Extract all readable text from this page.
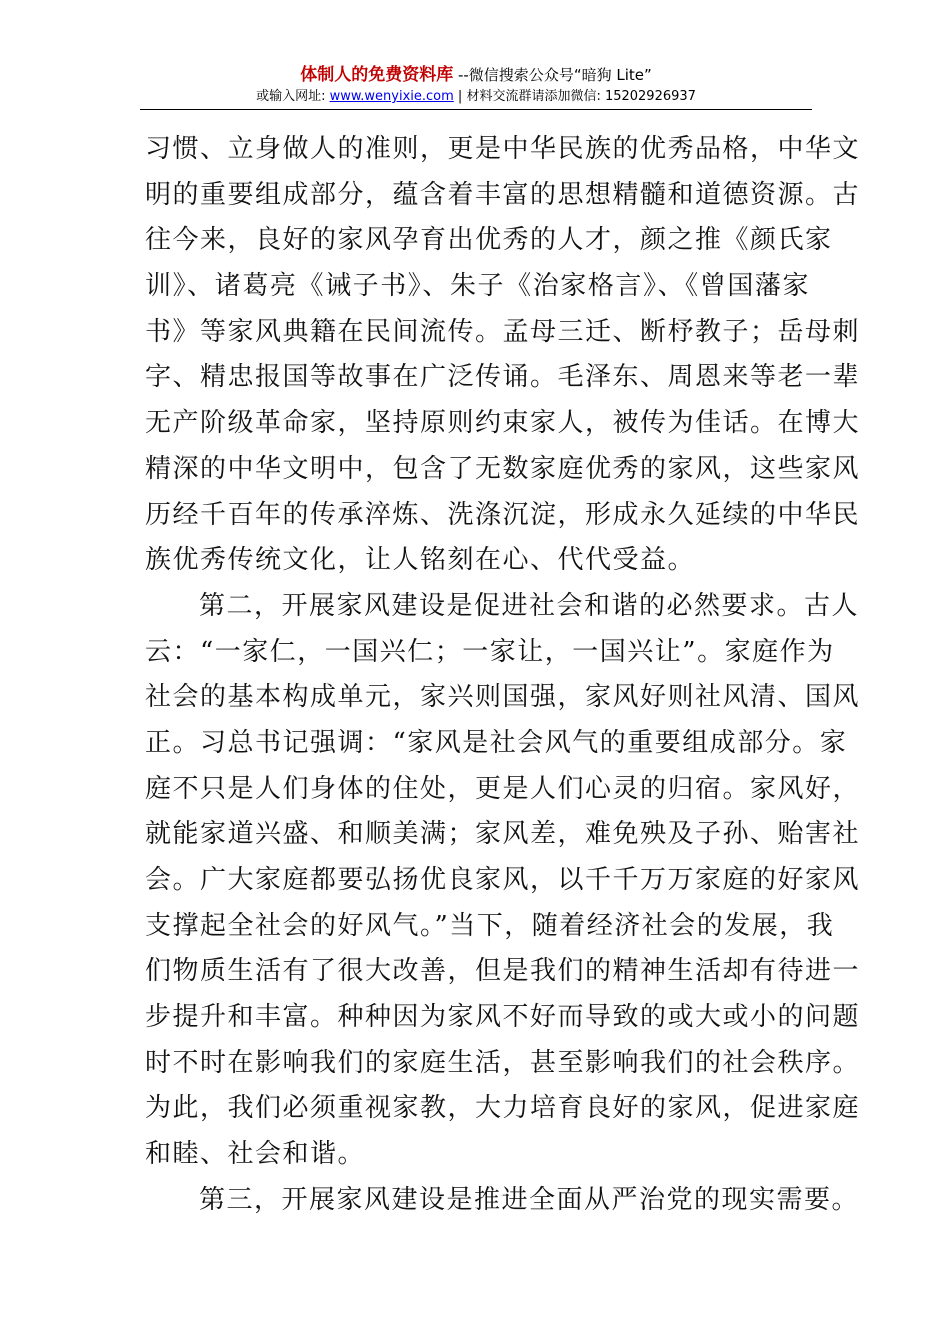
体制人的免费资料库 --微信搜索公众号“暗狗 Lite”
或输入网址: www.wenyixie.com | 材料交流群请添加微信: 15202926937
习惯、立身做人的准则，更是中华民族的优秀品格，中华文
明的重要组成部分，蕴含着丰富的思想精髓和道德资源。古
往今来，良好的家风孕育出优秀的人才，颜之推《颜氏家
训》、诸葛亮《诫子书》、朱子《治家格言》、《曾国藩家
书》等家风典籍在民间流传。孟母三迁、断杼教子；岳母刺
字、精忠报国等故事在广泛传诵。毛泽东、周恩来等老一辈
无产阶级革命家，坚持原则约束家人，被传为佳话。在博大
精深的中华文明中，包含了无数家庭优秀的家风，这些家风
历经千百年的传承淬炼、洗涤沉淀，形成永久延续的中华民
族优秀传统文化，让人铭刻在心、代代受益。
第二，开展家风建设是促进社会和谐的必然要求。古人
云：“一家仁，一国兴仁；一家让，一国兴让”。家庭作为
社会的基本构成单元，家兴则国强，家风好则社风清、国风
正。习总书记强调：“家风是社会风气的重要组成部分。家
庭不只是人们身体的住处，更是人们心灵的归宿。家风好，
就能家道兴盛、和顺美满；家风差，难免殃及子孙、贻害社
会。广大家庭都要弘扬优良家风，以千千万万家庭的好家风
支撑起全社会的好风气。”当下，随着经济社会的发展，我
们物质生活有了很大改善，但是我们的精神生活却有待进一
步提升和丰富。种种因为家风不好而导致的或大或小的问题
时不时在影响我们的家庭生活，甚至影响我们的社会秩序。
为此，我们必须重视家教，大力培育良好的家风，促进家庭
和睦、社会和谐。
第三，开展家风建设是推进全面从严治党的现实需要。
